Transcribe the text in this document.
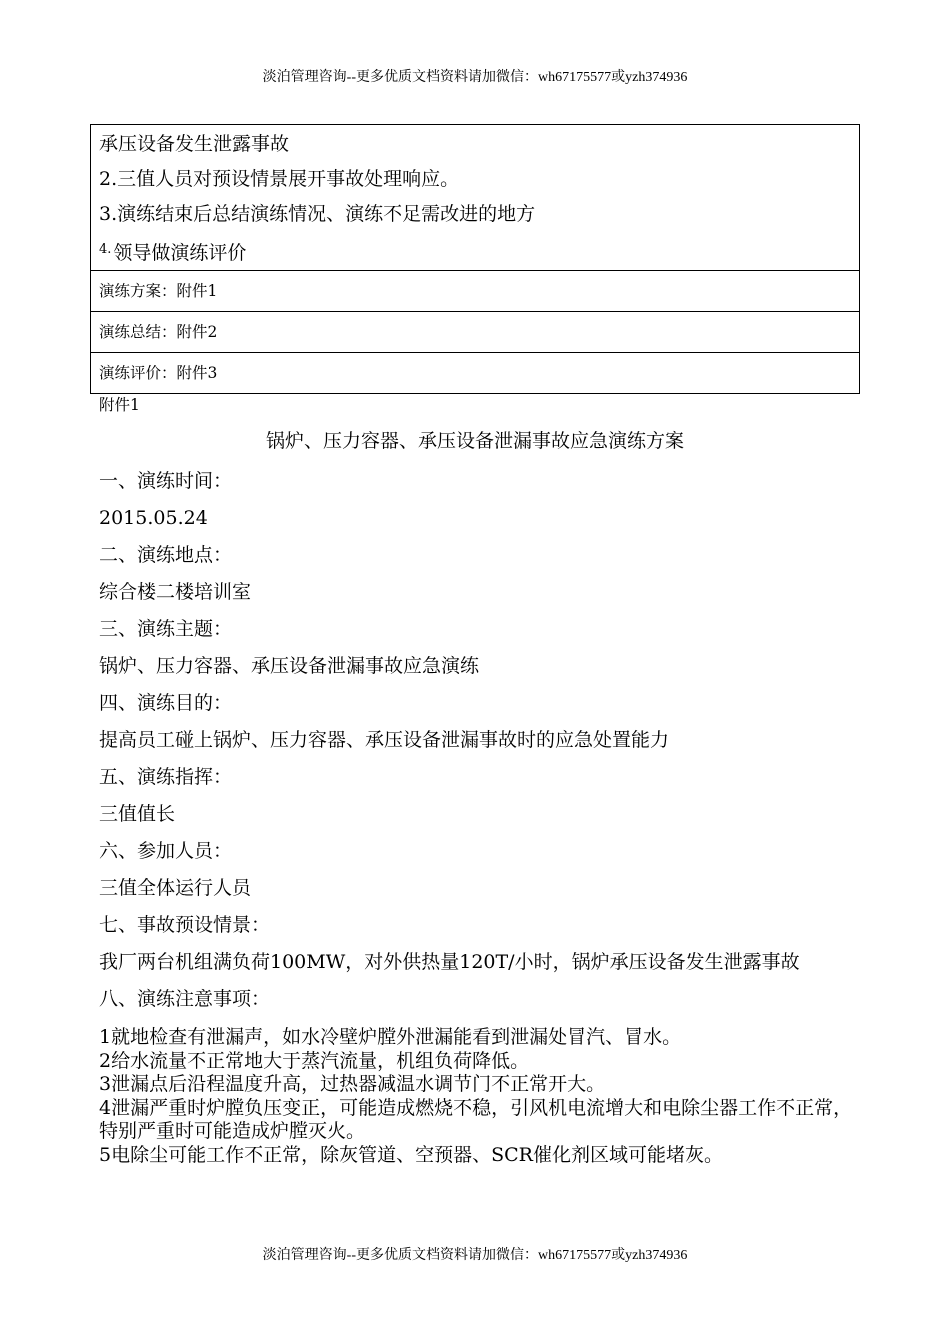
淡泊管理咨询--更多优质文档资料请加微信：wh67175577或yzh374936
承压设备发生泄露事故
2.三值人员对预设情景展开事故处理响应。
3.演练结束后总结演练情况、演练不足需改进的地方
$^{4.}$ 领导做演练评价
演练方案：附件1
演练总结：附件2
演练评价：附件3
附件1
锅炉、压力容器、承压设备泄漏事故应急演练方案
一、演练时间：
2015.05.24
二、演练地点：
综合楼二楼培训室
三、演练主题：
锅炉、压力容器、承压设备泄漏事故应急演练
四、演练目的：
提高员工碰上锅炉、压力容器、承压设备泄漏事故时的应急处置能力
五、演练指挥：
三值值长
六、参加人员：
三值全体运行人员
七、事故预设情景：
我厂两台机组满负荷100MW，对外供热量120T/小时，锅炉承压设备发生泄露事故
八、演练注意事项：
1就地检查有泄漏声，如水冷壁炉膛外泄漏能看到泄漏处冒汽、冒水。
2给水流量不正常地大于蒸汽流量，机组负荷降低。
3泄漏点后沿程温度升高，过热器减温水调节门不正常开大。
4泄漏严重时炉膛负压变正，可能造成燃烧不稳，引风机电流增大和电除尘器工作不正常，特别严重时可能造成炉膛灭火。
5电除尘可能工作不正常，除灰管道、空预器、SCR催化剂区域可能堵灰。
淡泊管理咨询--更多优质文档资料请加微信：wh67175577或yzh374936
